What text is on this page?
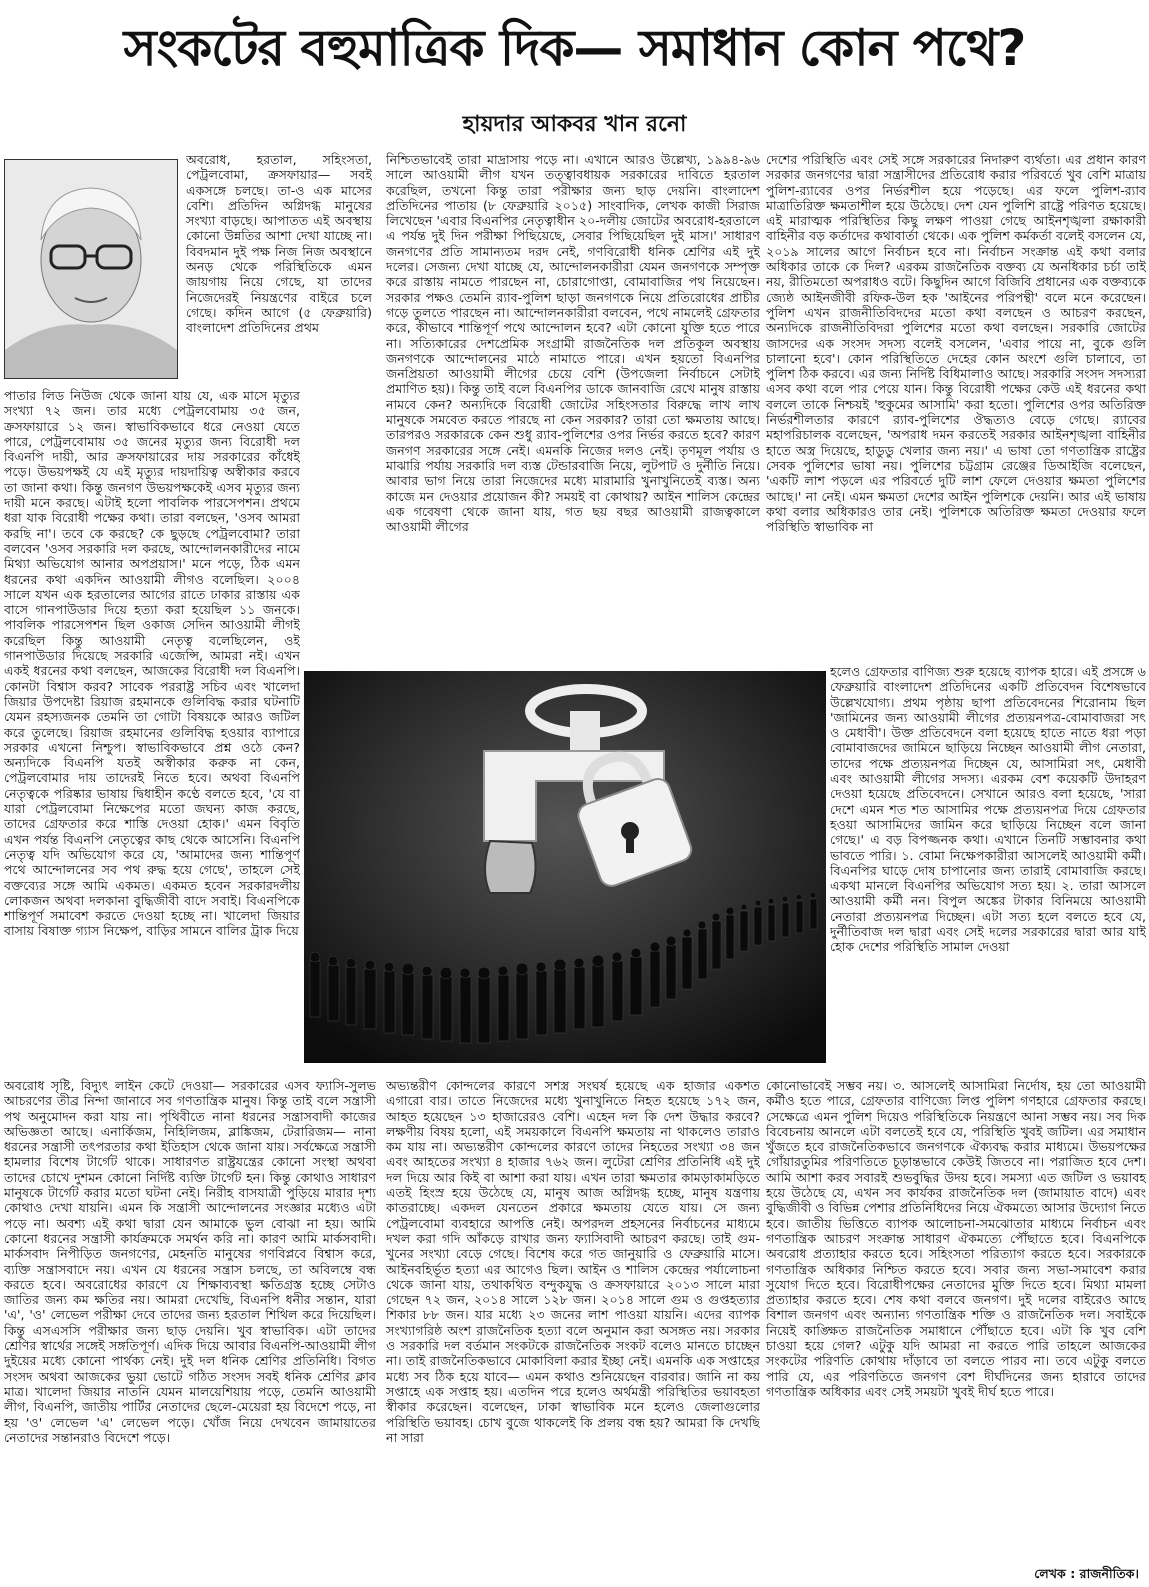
সংকটের বহুমাত্রিক দিক— সমাধান কোন পথে?
হায়দার আকবর খান রনো

অবরোধ, হরতাল, সহিংসতা, পেট্রলবোমা, ক্রসফায়ার— সবই একসঙ্গে চলছে। তা-ও এক মাসের বেশি। প্রতিদিন অগ্নিদগ্ধ মানুষের সংখ্যা বাড়ছে। আপাতত এই অবস্থায় কোনো উন্নতির আশা দেখা যাচ্ছে না। বিবদমান দুই পক্ষ নিজ নিজ অবস্থানে অনড় থেকে পরিস্থিতিকে এমন জায়গায় নিয়ে গেছে, যা তাদের নিজেদেরই নিয়ন্ত্রণের বাইরে চলে গেছে। কদিন আগে (৫ ফেব্রুয়ারি) বাংলাদেশ প্রতিদিনের প্রথম

পাতার লিড নিউজ থেকে জানা যায় যে, এক মাসে মৃত্যুর সংখ্যা ৭২ জন। তার মধ্যে পেট্রলবোমায় ৩৫ জন, ক্রসফায়ারে ১২ জন। স্বাভাবিকভাবে ধরে নেওয়া যেতে পারে, পেট্রলবোমায় ৩৫ জনের মৃত্যুর জন্য বিরোধী দল বিএনপি দায়ী, আর ক্রসফায়ারের দায় সরকারের কাঁধেই পড়ে। উভয়পক্ষই যে এই মৃত্যুর দায়দায়িত্ব অস্বীকার করবে তা জানা কথা। কিন্তু জনগণ উভয়পক্ষকেই এসব মৃত্যুর জন্য দায়ী মনে করছে। এটাই হলো পাবলিক পারসেপশন। প্রথমে ধরা যাক বিরোধী পক্ষের কথা। তারা বলছেন, 'ওসব আমরা করছি না'। তবে কে করছে? কে ছুড়ছে পেট্রলবোমা? তারা বলবেন 'ওসব সরকারি দল করছে, আন্দোলনকারীদের নামে মিথ্যা অভিযোগ আনার অপপ্রয়াস।' মনে পড়ে, ঠিক এমন ধরনের কথা একদিন আওয়ামী লীগও বলেছিল। ২০০৪ সালে যখন এক হরতালের আগের রাতে ঢাকার রাস্তায় এক বাসে গানপাউডার দিয়ে হত্যা করা হয়েছিল ১১ জনকে। পাবলিক পারসেপশন ছিল ওকাজ সেদিন আওয়ামী লীগই করেছিল কিন্তু আওয়ামী নেতৃত্ব বলেছিলেন, ওই গানপাউডার দিয়েছে সরকারি এজেন্সি, আমরা নই। এখন একই ধরনের কথা বলছেন, আজকের বিরোধী দল বিএনপি। কোনটা বিশ্বাস করব? সাবেক পররাষ্ট্র সচিব এবং খালেদা জিয়ার উপদেষ্টা রিয়াজ রহমানকে গুলিবিদ্ধ করার ঘটনাটি যেমন রহস্যজনক তেমনি তা গোটা বিষয়কে আরও জটিল করে তুলেছে। রিয়াজ রহমানের গুলিবিদ্ধ হওয়ার ব্যাপারে সরকার এখনো নিশ্চুপ। স্বাভাবিকভাবে প্রশ্ন ওঠে কেন? অন্যদিকে বিএনপি যতই অস্বীকার করুক না কেন, পেট্রলবোমার দায় তাদেরই নিতে হবে। অথবা বিএনপি নেতৃত্বকে পরিষ্কার ভাষায় দ্বিধাহীন কণ্ঠে বলতে হবে, 'যে বা যারা পেট্রলবোমা নিক্ষেপের মতো জঘন্য কাজ করছে, তাদের গ্রেফতার করে শাস্তি দেওয়া হোক।' এমন বিবৃতি এখন পর্যন্ত বিএনপি নেতৃত্বের কাছ থেকে আসেনি। বিএনপি নেতৃত্ব যদি অভিযোগ করে যে, 'আমাদের জন্য শান্তিপূর্ণ পথে আন্দোলনের সব পথ রুদ্ধ হয়ে গেছে', তাহলে সেই বক্তব্যের সঙ্গে আমি একমত। একমত হবেন সরকারদলীয় লোকজন অথবা দলকানা বুদ্ধিজীবী বাদে সবাই। বিএনপিকে শান্তিপূর্ণ সমাবেশ করতে দেওয়া হচ্ছে না। খালেদা জিয়ার বাসায় বিষাক্ত গ্যাস নিক্ষেপ, বাড়ির সামনে বালির ট্রাক দিয়ে

অবরোধ সৃষ্টি, বিদ্যুৎ লাইন কেটে দেওয়া— সরকারের এসব ফ্যাসি-সুলভ আচরণের তীব্র নিন্দা জানাবে সব গণতান্ত্রিক মানুষ। কিন্তু তাই বলে সন্ত্রাসী পথ অনুমোদন করা যায় না। পৃথিবীতে নানা ধরনের সন্ত্রাসবাদী কাজের অভিজ্ঞতা আছে। এনার্কিজম, নিহিলিজম, ব্লাঙ্কিজম, টেরারিজম— নানা ধরনের সন্ত্রাসী তৎপরতার কথা ইতিহাস থেকে জানা যায়। সর্বক্ষেত্রে সন্ত্রাসী হামলার বিশেষ টার্গেট থাকে। সাধারণত রাষ্ট্রযন্ত্রের কোনো সংস্থা অথবা তাদের চোখে দুশমন কোনো নির্দিষ্ট ব্যক্তি টার্গেট হন। কিন্তু কোথাও সাধারণ মানুষকে টার্গেট করার মতো ঘটনা নেই। নিরীহ বাসযাত্রী পুড়িয়ে মারার দৃশ্য কোথাও দেখা যায়নি। এমন কি সন্ত্রাসী আন্দোলনের সংজ্ঞার মধ্যেও এটা পড়ে না। অবশ্য এই কথা দ্বারা যেন আমাকে ভুল বোঝা না হয়। আমি কোনো ধরনের সন্ত্রাসী কার্যক্রমকে সমর্থন করি না। কারণ আমি মার্কসবাদী। মার্কসবাদ নিপীড়িত জনগণের, মেহনতি মানুষের গণবিপ্লবে বিশ্বাস করে, ব্যক্তি সন্ত্রাসবাদে নয়। এখন যে ধরনের সন্ত্রাস চলছে, তা অবিলম্বে বন্ধ করতে হবে। অবরোধের কারণে যে শিক্ষাব্যবস্থা ক্ষতিগ্রস্ত হচ্ছে সেটাও জাতির জন্য কম ক্ষতির নয়। আমরা দেখেছি, বিএনপি ধনীর সন্তান, যারা 'এ', 'ও' লেভেল পরীক্ষা দেবে তাদের জন্য হরতাল শিথিল করে দিয়েছিল। কিন্তু এসএসসি পরীক্ষার জন্য ছাড় দেয়নি। খুব স্বাভাবিক। এটা তাদের শ্রেণির স্বার্থের সঙ্গেই সঙ্গতিপূর্ণ। এদিক দিয়ে আবার বিএনপি-আওয়ামী লীগ দুইয়ের মধ্যে কোনো পার্থক্য নেই। দুই দল ধনিক শ্রেণির প্রতিনিধি। বিগত সংসদ অথবা আজকের ভুয়া ভোটে গঠিত সংসদ সবই ধনিক শ্রেণির ক্লাব মাত্র। খালেদা জিয়ার নাতনি যেমন মালয়েশিয়ায় পড়ে, তেমনি আওয়ামী লীগ, বিএনপি, জাতীয় পার্টির নেতাদের ছেলে-মেয়েরা হয় বিদেশে পড়ে, না হয় 'ও' লেভেল 'এ' লেভেল পড়ে। খোঁজ নিয়ে দেখবেন জামায়াতের নেতাদের সন্তানরাও বিদেশে পড়ে।

নিশ্চিতভাবেই তারা মাদ্রাসায় পড়ে না। এখানে আরও উল্লেখ্য, ১৯৯৪-৯৬ সালে আওয়ামী লীগ যখন তত্ত্বাবধায়ক সরকারের দাবিতে হরতাল করেছিল, তখনো কিন্তু তারা পরীক্ষার জন্য ছাড় দেয়নি। বাংলাদেশ প্রতিদিনের পাতায় (৮ ফেব্রুয়ারি ২০১৫) সাংবাদিক, লেখক কাজী সিরাজ লিখেছেন 'এবার বিএনপির নেতৃত্বাধীন ২০-দলীয় জোটের অবরোধ-হরতালে এ পর্যন্ত দুই দিন পরীক্ষা পিছিয়েছে, সেবার পিছিয়েছিল দুই মাস।' সাধারণ জনগণের প্রতি সামান্যতম দরদ নেই, গণবিরোধী ধনিক শ্রেণির এই দুই দলের। সেজন্য দেখা যাচ্ছে যে, আন্দোলনকারীরা যেমন জনগণকে সম্পৃক্ত করে রাস্তায় নামতে পারছেন না, চোরাগোপ্তা, বোমাবাজির পথ নিয়েছেন। সরকার পক্ষও তেমনি র‍্যাব-পুলিশ ছাড়া জনগণকে নিয়ে প্রতিরোধের প্রাচীর গড়ে তুলতে পারছেন না। আন্দোলনকারীরা বলবেন, পথে নামলেই গ্রেফতার করে, কীভাবে শান্তিপূর্ণ পথে আন্দোলন হবে? এটা কোনো যুক্তি হতে পারে না। সত্যিকারের দেশপ্রেমিক সংগ্রামী রাজনৈতিক দল প্রতিকূল অবস্থায় জনগণকে আন্দোলনের মাঠে নামাতে পারে। এখন হয়তো বিএনপির জনপ্রিয়তা আওয়ামী লীগের চেয়ে বেশি (উপজেলা নির্বাচনে সেটাই প্রমাণিত হয়)। কিন্তু তাই বলে বিএনপির ডাকে জানবাজি রেখে মানুষ রাস্তায় নামবে কেন? অন্যদিকে বিরোধী জোটের সহিংসতার বিরুদ্ধে লাখ লাখ মানুষকে সমবেত করতে পারছে না কেন সরকার? তারা তো ক্ষমতায় আছে। তারপরও সরকারকে কেন শুধু র‍্যাব-পুলিশের ওপর নির্ভর করতে হবে? কারণ জনগণ সরকারের সঙ্গে নেই। এমনকি নিজের দলও নেই। তৃণমূল পর্যায় ও মাঝারি পর্যায় সরকারি দল ব্যস্ত টেন্ডারবাজি নিয়ে, লুটপাট ও দুর্নীতি নিয়ে। আবার ভাগ নিয়ে তারা নিজেদের মধ্যে মারামারি খুনাখুনিতেই ব্যস্ত। অন্য কাজে মন দেওয়ার প্রয়োজন কী? সময়ই বা কোথায়? আইন শালিস কেন্দ্রের এক গবেষণা থেকে জানা যায়, গত ছয় বছর আওয়ামী রাজত্বকালে আওয়ামী লীগের

অভ্যন্তরীণ কোন্দলের কারণে সশস্ত্র সংঘর্ষ হয়েছে এক হাজার একশত এগারো বার। তাতে নিজেদের মধ্যে খুনাখুনিতে নিহত হয়েছে ১৭২ জন, আহত হয়েছেন ১৩ হাজারেরও বেশি। এহেন দল কি দেশ উদ্ধার করবে? লক্ষণীয় বিষয় হলো, এই সময়কালে বিএনপি ক্ষমতায় না থাকলেও তারাও কম যায় না। অভ্যন্তরীণ কোন্দলের কারণে তাদের নিহতের সংখ্যা ৩৪ জন এবং আহতের সংখ্যা ৪ হাজার ৭৬২ জন। লুটেরা শ্রেণির প্রতিনিধি এই দুই দল দিয়ে আর কিই বা আশা করা যায়। এখন তারা ক্ষমতার কামড়াকামড়িতে এতই হিংস্র হয়ে উঠেছে যে, মানুষ আজ অগ্নিদগ্ধ হচ্ছে, মানুষ যন্ত্রণায় কাতরাচ্ছে। একদল যেনতেন প্রকারে ক্ষমতায় যেতে যায়। সে জন্য পেট্রলবোমা ব্যবহারে আপত্তি নেই। অপরদল প্রহসনের নির্বাচনের মাধ্যমে দখল করা গদি আঁকড়ে রাখার জন্য ফ্যাসিবাদী আচরণ করছে। তাই গুম-খুনের সংখ্যা বেড়ে গেছে। বিশেষ করে গত জানুয়ারি ও ফেব্রুয়ারি মাসে। আইনবহির্ভূত হত্যা এর আগেও ছিল। আইন ও শালিস কেন্দ্রের পর্যালোচনা থেকে জানা যায়, তথাকথিত বন্দুকযুদ্ধ ও ক্রসফায়ারে ২০১৩ সালে মারা গেছেন ৭২ জন, ২০১৪ সালে ১২৮ জন। ২০১৪ সালে গুম ও গুপ্তহত্যার শিকার ৮৮ জন। যার মধ্যে ২৩ জনের লাশ পাওয়া যায়নি। এদের ব্যাপক সংখ্যাগরিষ্ঠ অংশ রাজনৈতিক হত্যা বলে অনুমান করা অসঙ্গত নয়। সরকার ও সরকারি দল বর্তমান সংকটকে রাজনৈতিক সংকট বলেও মানতে চাচ্ছেন না। তাই রাজনৈতিকভাবে মোকাবিলা করার ইচ্ছা নেই। এমনকি এক সপ্তাহের মধ্যে সব ঠিক হয়ে যাবে— এমন কথাও শুনিয়েছেন বারবার। জানি না কয় সপ্তাহে এক সপ্তাহ হয়। এতদিন পরে হলেও অর্থমন্ত্রী পরিস্থিতির ভয়াবহতা স্বীকার করেছেন। বলেছেন, ঢাকা স্বাভাবিক মনে হলেও জেলাগুলোর পরিস্থিতি ভয়াবহ। চোখ বুজে থাকলেই কি প্রলয় বন্ধ হয়? আমরা কি দেখছি না সারা

দেশের পরিস্থিতি এবং সেই সঙ্গে সরকারের নিদারুণ ব্যর্থতা। এর প্রধান কারণ সরকার জনগণের দ্বারা সন্ত্রাসীদের প্রতিরোধ করার পরিবর্তে খুব বেশি মাত্রায় পুলিশ-র‍্যাবের ওপর নির্ভরশীল হয়ে পড়েছে। এর ফলে পুলিশ-র‍্যাব মাত্রাতিরিক্ত ক্ষমতাশীল হয়ে উঠেছে। দেশ যেন পুলিশি রাষ্ট্রে পরিণত হয়েছে। এই মারাত্মক পরিস্থিতির কিছু লক্ষণ পাওয়া গেছে আইনশৃঙ্খলা রক্ষাকারী বাহিনীর বড় কর্তাদের কথাবার্তা থেকে। এক পুলিশ কর্মকর্তা বলেই বসলেন যে, ২০১৯ সালের আগে নির্বাচন হবে না। নির্বাচন সংক্রান্ত এই কথা বলার অধিকার তাকে কে দিল? এরকম রাজনৈতিক বক্তব্য যে অনধিকার চর্চা তাই নয়, রীতিমতো অপরাধও বটে। কিছুদিন আগে বিজিবি প্রধানের এক বক্তব্যকে জ্যেষ্ঠ আইনজীবী রফিক-উল হক 'আইনের পরিপন্থী' বলে মনে করেছেন। পুলিশ এখন রাজনীতিবিদদের মতো কথা বলছেন ও আচরণ করছেন, অন্যদিকে রাজনীতিবিদরা পুলিশের মতো কথা বলছেন। সরকারি জোটের জাসদের এক সংসদ সদস্য বলেই বসলেন, 'এবার পায়ে না, বুকে গুলি চালানো হবে'। কোন পরিস্থিতিতে দেহের কোন অংশে গুলি চালাবে, তা পুলিশ ঠিক করবে। এর জন্য নির্দিষ্ট বিধিমালাও আছে। সরকারি সংসদ সদস্যরা এসব কথা বলে পার পেয়ে যান। কিন্তু বিরোধী পক্ষের কেউ এই ধরনের কথা বললে তাকে নিশ্চয়ই 'হুকুমের আসামি' করা হতো। পুলিশের ওপর অতিরিক্ত নির্ভরশীলতার কারণে র‍্যাব-পুলিশের ঔদ্ধত্যও বেড়ে গেছে। র‍্যাবের মহাপরিচালক বলেছেন, 'অপরাধ দমন করতেই সরকার আইনশৃঙ্খলা বাহিনীর হাতে অস্ত্র দিয়েছে, হাডুডু খেলার জন্য নয়।' এ ভাষা তো গণতান্ত্রিক রাষ্ট্রের সেবক পুলিশের ভাষা নয়। পুলিশের চট্টগ্রাম রেঞ্জের ডিআইজি বলেছেন, 'একটি লাশ পড়লে এর পরিবর্তে দুটি লাশ ফেলে দেওয়ার ক্ষমতা পুলিশের আছে।' না নেই। এমন ক্ষমতা দেশের আইন পুলিশকে দেয়নি। আর এই ভাষায় কথা বলার অধিকারও তার নেই। পুলিশকে অতিরিক্ত ক্ষমতা দেওয়ার ফলে পরিস্থিতি স্বাভাবিক না

হলেও গ্রেফতার বাণিজ্য শুরু হয়েছে ব্যাপক হারে। এই প্রসঙ্গে ৬ ফেব্রুয়ারি বাংলাদেশ প্রতিদিনের একটি প্রতিবেদন বিশেষভাবে উল্লেখযোগ্য। প্রথম পৃষ্ঠায় ছাপা প্রতিবেদনের শিরোনাম ছিল 'জামিনের জন্য আওয়ামী লীগের প্রত্যয়নপত্র-বোমাবাজরা সৎ ও মেধাবী'। উক্ত প্রতিবেদনে বলা হয়েছে হাতে নাতে ধরা পড়া বোমাবাজদের জামিনে ছাড়িয়ে নিচ্ছেন আওয়ামী লীগ নেতারা, তাদের পক্ষে প্রত্যয়নপত্র দিচ্ছেন যে, আসামিরা সৎ, মেধাবী এবং আওয়ামী লীগের সদস্য। এরকম বেশ কয়েকটি উদাহরণ দেওয়া হয়েছে প্রতিবেদনে। সেখানে আরও বলা হয়েছে, 'সারা দেশে এমন শত শত আসামির পক্ষে প্রত্যয়নপত্র দিয়ে গ্রেফতার হওয়া আসামিদের জামিন করে ছাড়িয়ে নিচ্ছেন বলে জানা গেছে।' এ বড় বিপজ্জনক কথা। এখানে তিনটি সম্ভাবনার কথা ভাবতে পারি। ১. বোমা নিক্ষেপকারীরা আসলেই আওয়ামী কর্মী। বিএনপির ঘাড়ে দোষ চাপানোর জন্য তারাই বোমাবাজি করছে। একথা মানলে বিএনপির অভিযোগ সত্য হয়। ২. তারা আসলে আওয়ামী কর্মী নন। বিপুল অঙ্কের টাকার বিনিময়ে আওয়ামী নেতারা প্রত্যয়নপত্র দিচ্ছেন। এটা সত্য হলে বলতে হবে যে, দুর্নীতিবাজ দল দ্বারা এবং সেই দলের সরকারের দ্বারা আর যাই হোক দেশের পরিস্থিতি সামাল দেওয়া

কোনোভাবেই সম্ভব নয়। ৩. আসলেই আসামিরা নির্দোষ, হয় তো আওয়ামী কর্মীও হতে পারে, গ্রেফতার বাণিজ্যে লিপ্ত পুলিশ গণহারে গ্রেফতার করছে। সেক্ষেত্রে এমন পুলিশ দিয়েও পরিস্থিতিকে নিয়ন্ত্রণে আনা সম্ভব নয়। সব দিক বিবেচনায় আনলে এটা বলতেই হবে যে, পরিস্থিতি খুবই জটিল। এর সমাধান খুঁজতে হবে রাজনৈতিকভাবে জনগণকে ঐক্যবদ্ধ করার মাধ্যমে। উভয়পক্ষের গোঁয়ারতুমির পরিণতিতে চূড়ান্তভাবে কেউই জিতবে না। পরাজিত হবে দেশ। আমি আশা করব সবারই শুভবুদ্ধির উদয় হবে। সমস্যা এত জটিল ও ভয়াবহ হয়ে উঠেছে যে, এখন সব কার্যকর রাজনৈতিক দল (জামায়াত বাদে) এবং বুদ্ধিজীবী ও বিভিন্ন পেশার প্রতিনিধিদের নিয়ে ঐকমত্যে আসার উদ্যোগ নিতে হবে। জাতীয় ভিত্তিতে ব্যাপক আলোচনা-সমঝোতার মাধ্যমে নির্বাচন এবং গণতান্ত্রিক আচরণ সংক্রান্ত সাধারণ ঐকমত্যে পৌঁছাতে হবে। বিএনপিকে অবরোধ প্রত্যাহার করতে হবে। সহিংসতা পরিত্যাগ করতে হবে। সরকারকে গণতান্ত্রিক অধিকার নিশ্চিত করতে হবে। সবার জন্য সভা-সমাবেশ করার সুযোগ দিতে হবে। বিরোধীপক্ষের নেতাদের মুক্তি দিতে হবে। মিথ্যা মামলা প্রত্যাহার করতে হবে। শেষ কথা বলবে জনগণ। দুই দলের বাইরেও আছে বিশাল জনগণ এবং অন্যান্য গণতান্ত্রিক শক্তি ও রাজনৈতিক দল। সবাইকে নিয়েই কাঙ্ক্ষিত রাজনৈতিক সমাধানে পৌঁছাতে হবে। এটা কি খুব বেশি চাওয়া হয়ে গেল? এটুকু যদি আমরা না করতে পারি তাহলে আজকের সংকটের পরিণতি কোথায় দাঁড়াবে তা বলতে পারব না। তবে এটুকু বলতে পারি যে, এর পরিণতিতে জনগণ বেশ দীর্ঘদিনের জন্য হারাবে তাদের গণতান্ত্রিক অধিকার এবং সেই সময়টা খুবই দীর্ঘ হতে পারে।

লেখক : রাজনীতিক।
